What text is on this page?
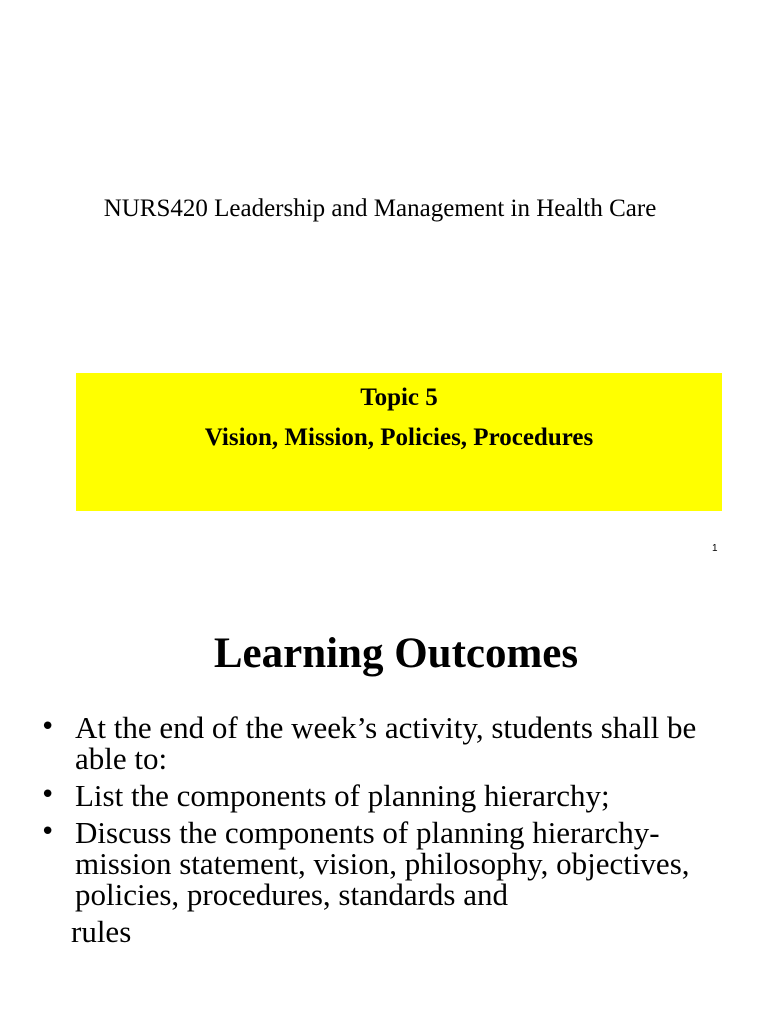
NURS420 Leadership and Management in Health Care

Topic 5

Vision, Mission, Policies, Procedures

1
Learning Outcomes
• At the end of the week’s activity, students shall be able to:
• List the components of planning hierarchy;
• Discuss the components of planning hierarchy- mission statement, vision, philosophy, objectives, policies, procedures, standards and
rules
